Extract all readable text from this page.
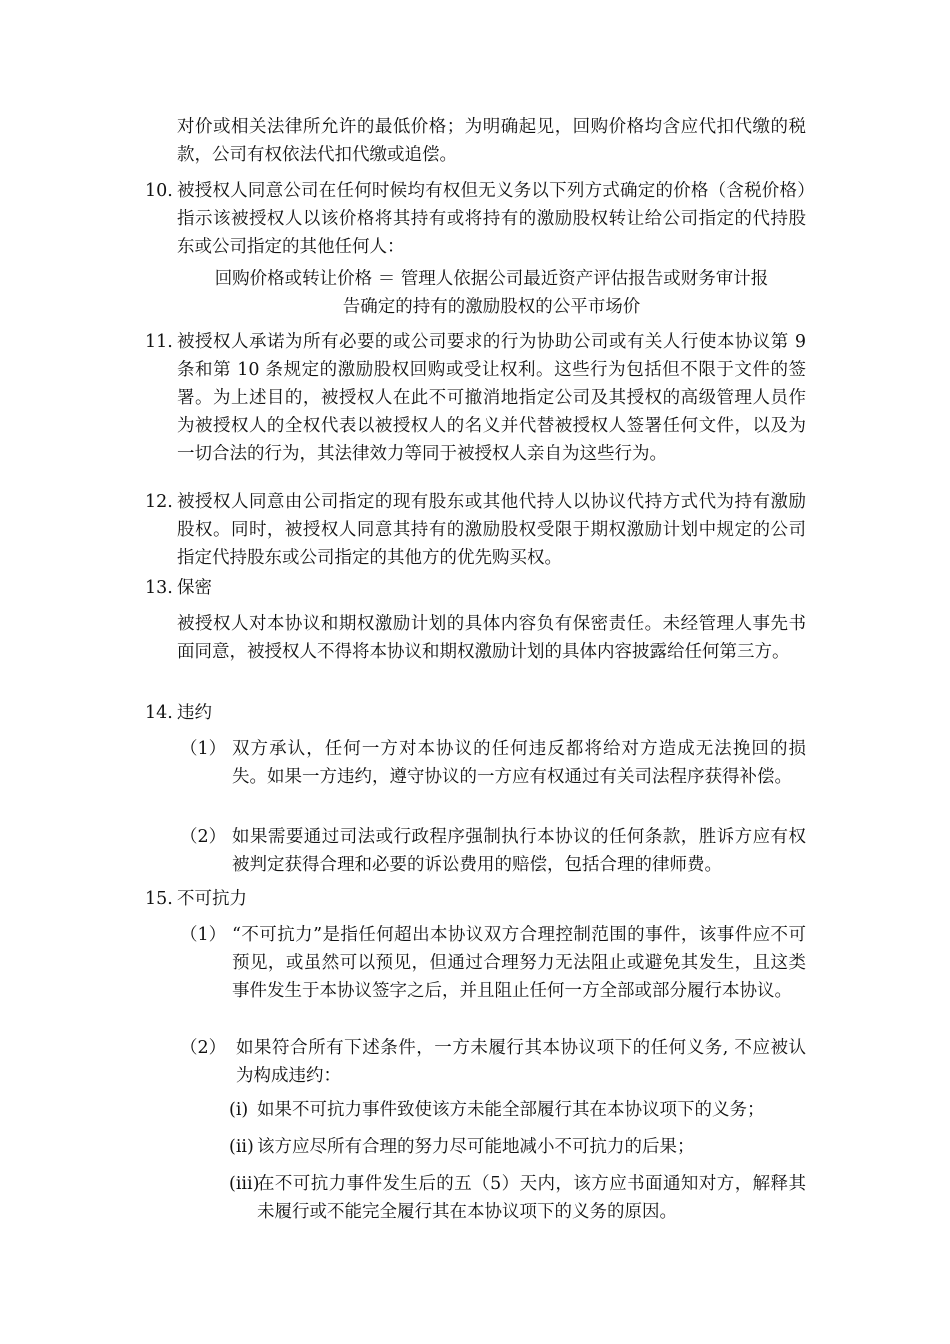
对价或相关法律所允许的最低价格；为明确起见，回购价格均含应代扣代缴的税款，公司有权依法代扣代缴或追偿。

10. 被授权人同意公司在任何时候均有权但无义务以下列方式确定的价格（含税价格）指示该被授权人以该价格将其持有或将持有的激励股权转让给公司指定的代持股东或公司指定的其他任何人：

回购价格或转让价格 ＝ 管理人依据公司最近资产评估报告或财务审计报
告确定的持有的激励股权的公平市场价
11. 被授权人承诺为所有必要的或公司要求的行为协助公司或有关人行使本协议第 9 条和第 10 条规定的激励股权回购或受让权利。这些行为包括但不限于文件的签署。为上述目的，被授权人在此不可撤消地指定公司及其授权的高级管理人员作为被授权人的全权代表以被授权人的名义并代替被授权人签署任何文件，以及为一切合法的行为，其法律效力等同于被授权人亲自为这些行为。

12. 被授权人同意由公司指定的现有股东或其他代持人以协议代持方式代为持有激励股权。同时，被授权人同意其持有的激励股权受限于期权激励计划中规定的公司指定代持股东或公司指定的其他方的优先购买权。

13. 保密

被授权人对本协议和期权激励计划的具体内容负有保密责任。未经管理人事先书面同意，被授权人不得将本协议和期权激励计划的具体内容披露给任何第三方。

14. 违约
（1） 双方承认，任何一方对本协议的任何违反都将给对方造成无法挽回的损失。如果一方违约，遵守协议的一方应有权通过有关司法程序获得补偿。

（2） 如果需要通过司法或行政程序强制执行本协议的任何条款，胜诉方应有权被判定获得合理和必要的诉讼费用的赔偿，包括合理的律师费。

15. 不可抗力
（1） “不可抗力”是指任何超出本协议双方合理控制范围的事件，该事件应不可预见，或虽然可以预见，但通过合理努力无法阻止或避免其发生，且这类事件发生于本协议签字之后，并且阻止任何一方全部或部分履行本协议。

（2） 如果符合所有下述条件，一方未履行其本协议项下的任何义务, 不应被认为构成违约：

(i) 如果不可抗力事件致使该方未能全部履行其在本协议项下的义务；

(ii) 该方应尽所有合理的努力尽可能地减小不可抗力的后果；

(iii)

在不可抗力事件发生后的五（5）天内，该方应书面通知对方，解释其未履行或不能完全履行其在本协议项下的义务的原因。
